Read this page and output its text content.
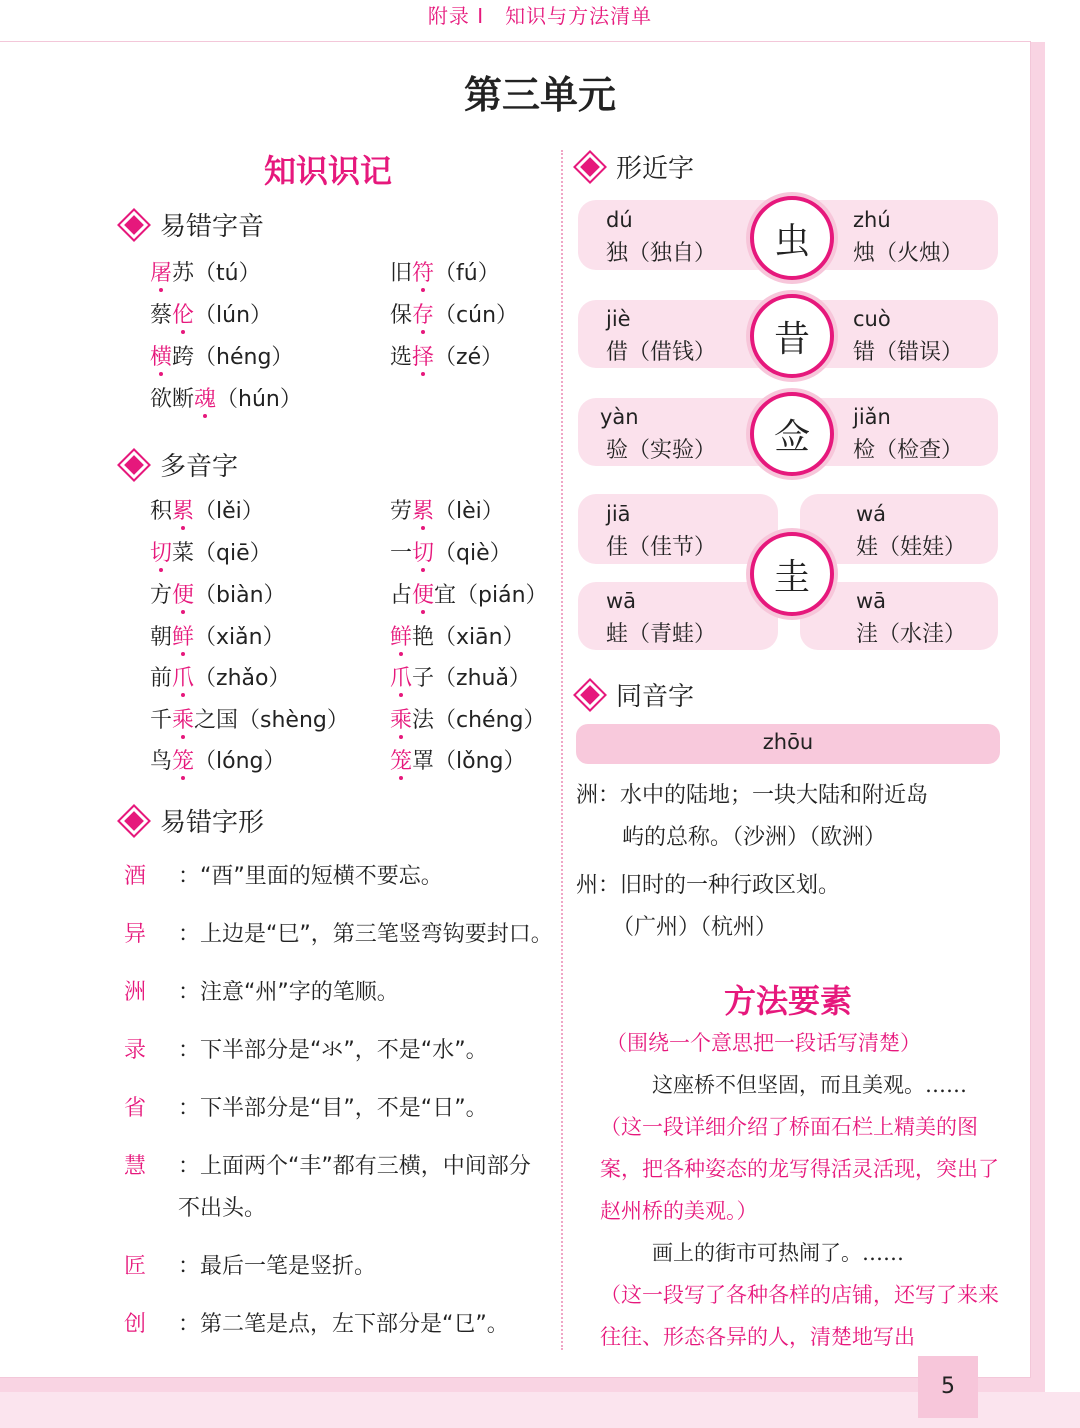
附录 I　知识与方法清单
第三单元
知识识记
易错字音
屠苏（tú）	旧符（fú）
蔡伦（lún）	保存（cún）
横跨（héng）	选择（zé）
欲断魂（hún）
多音字
积累（lěi）	劳累（lèi）
切菜（qiē）	一切（qiè）
方便（biàn）	占便宜（pián）
朝鲜（xiǎn）	鲜艳（xiān）
前爪（zhǎo）	爪子（zhuǎ）
千乘之国（shèng） 乘法（chéng）
鸟笼（lóng）	笼罩（lǒng）
易错字形
酒 ：“酉”里面的短横不要忘。
异 ：上边是“巳”，第三笔竖弯钩要封口。
洲 ：注意“州”字的笔顺。
录 ：下半部分是“氺”，不是“水”。
省 ：下半部分是“目”，不是“日”。
慧 ：上面两个“丰”都有三横，中间部分不出头。
匠 ：最后一笔是竖折。
创 ：第二笔是点，左下部分是“㔾”。
形近字
dú
独（独自）
zhú
烛（火烛）
虫
jiè
借（借钱）
cuò
错（错误）
昔
yàn
验（实验）
jiǎn
检（检查）
佥
jiā
佳（佳节）
wá
娃（娃娃）
wā
蛙（青蛙）
wā
洼（水洼）
圭
同音字
zhōu
洲：水中的陆地；一块大陆和附近岛
屿的总称。（沙洲）（欧洲）
州：旧时的一种行政区划。
（广州）（杭州）
方法要素
（围绕一个意思把一段话写清楚）
这座桥不但坚固，而且美观。……
（这一段详细介绍了桥面石栏上精美的图案，把各种姿态的龙写得活灵活现，突出了赵州桥的美观。）
画上的街市可热闹了。……
（这一段写了各种各样的店铺，还写了来来往往、形态各异的人，清楚地写出
5
